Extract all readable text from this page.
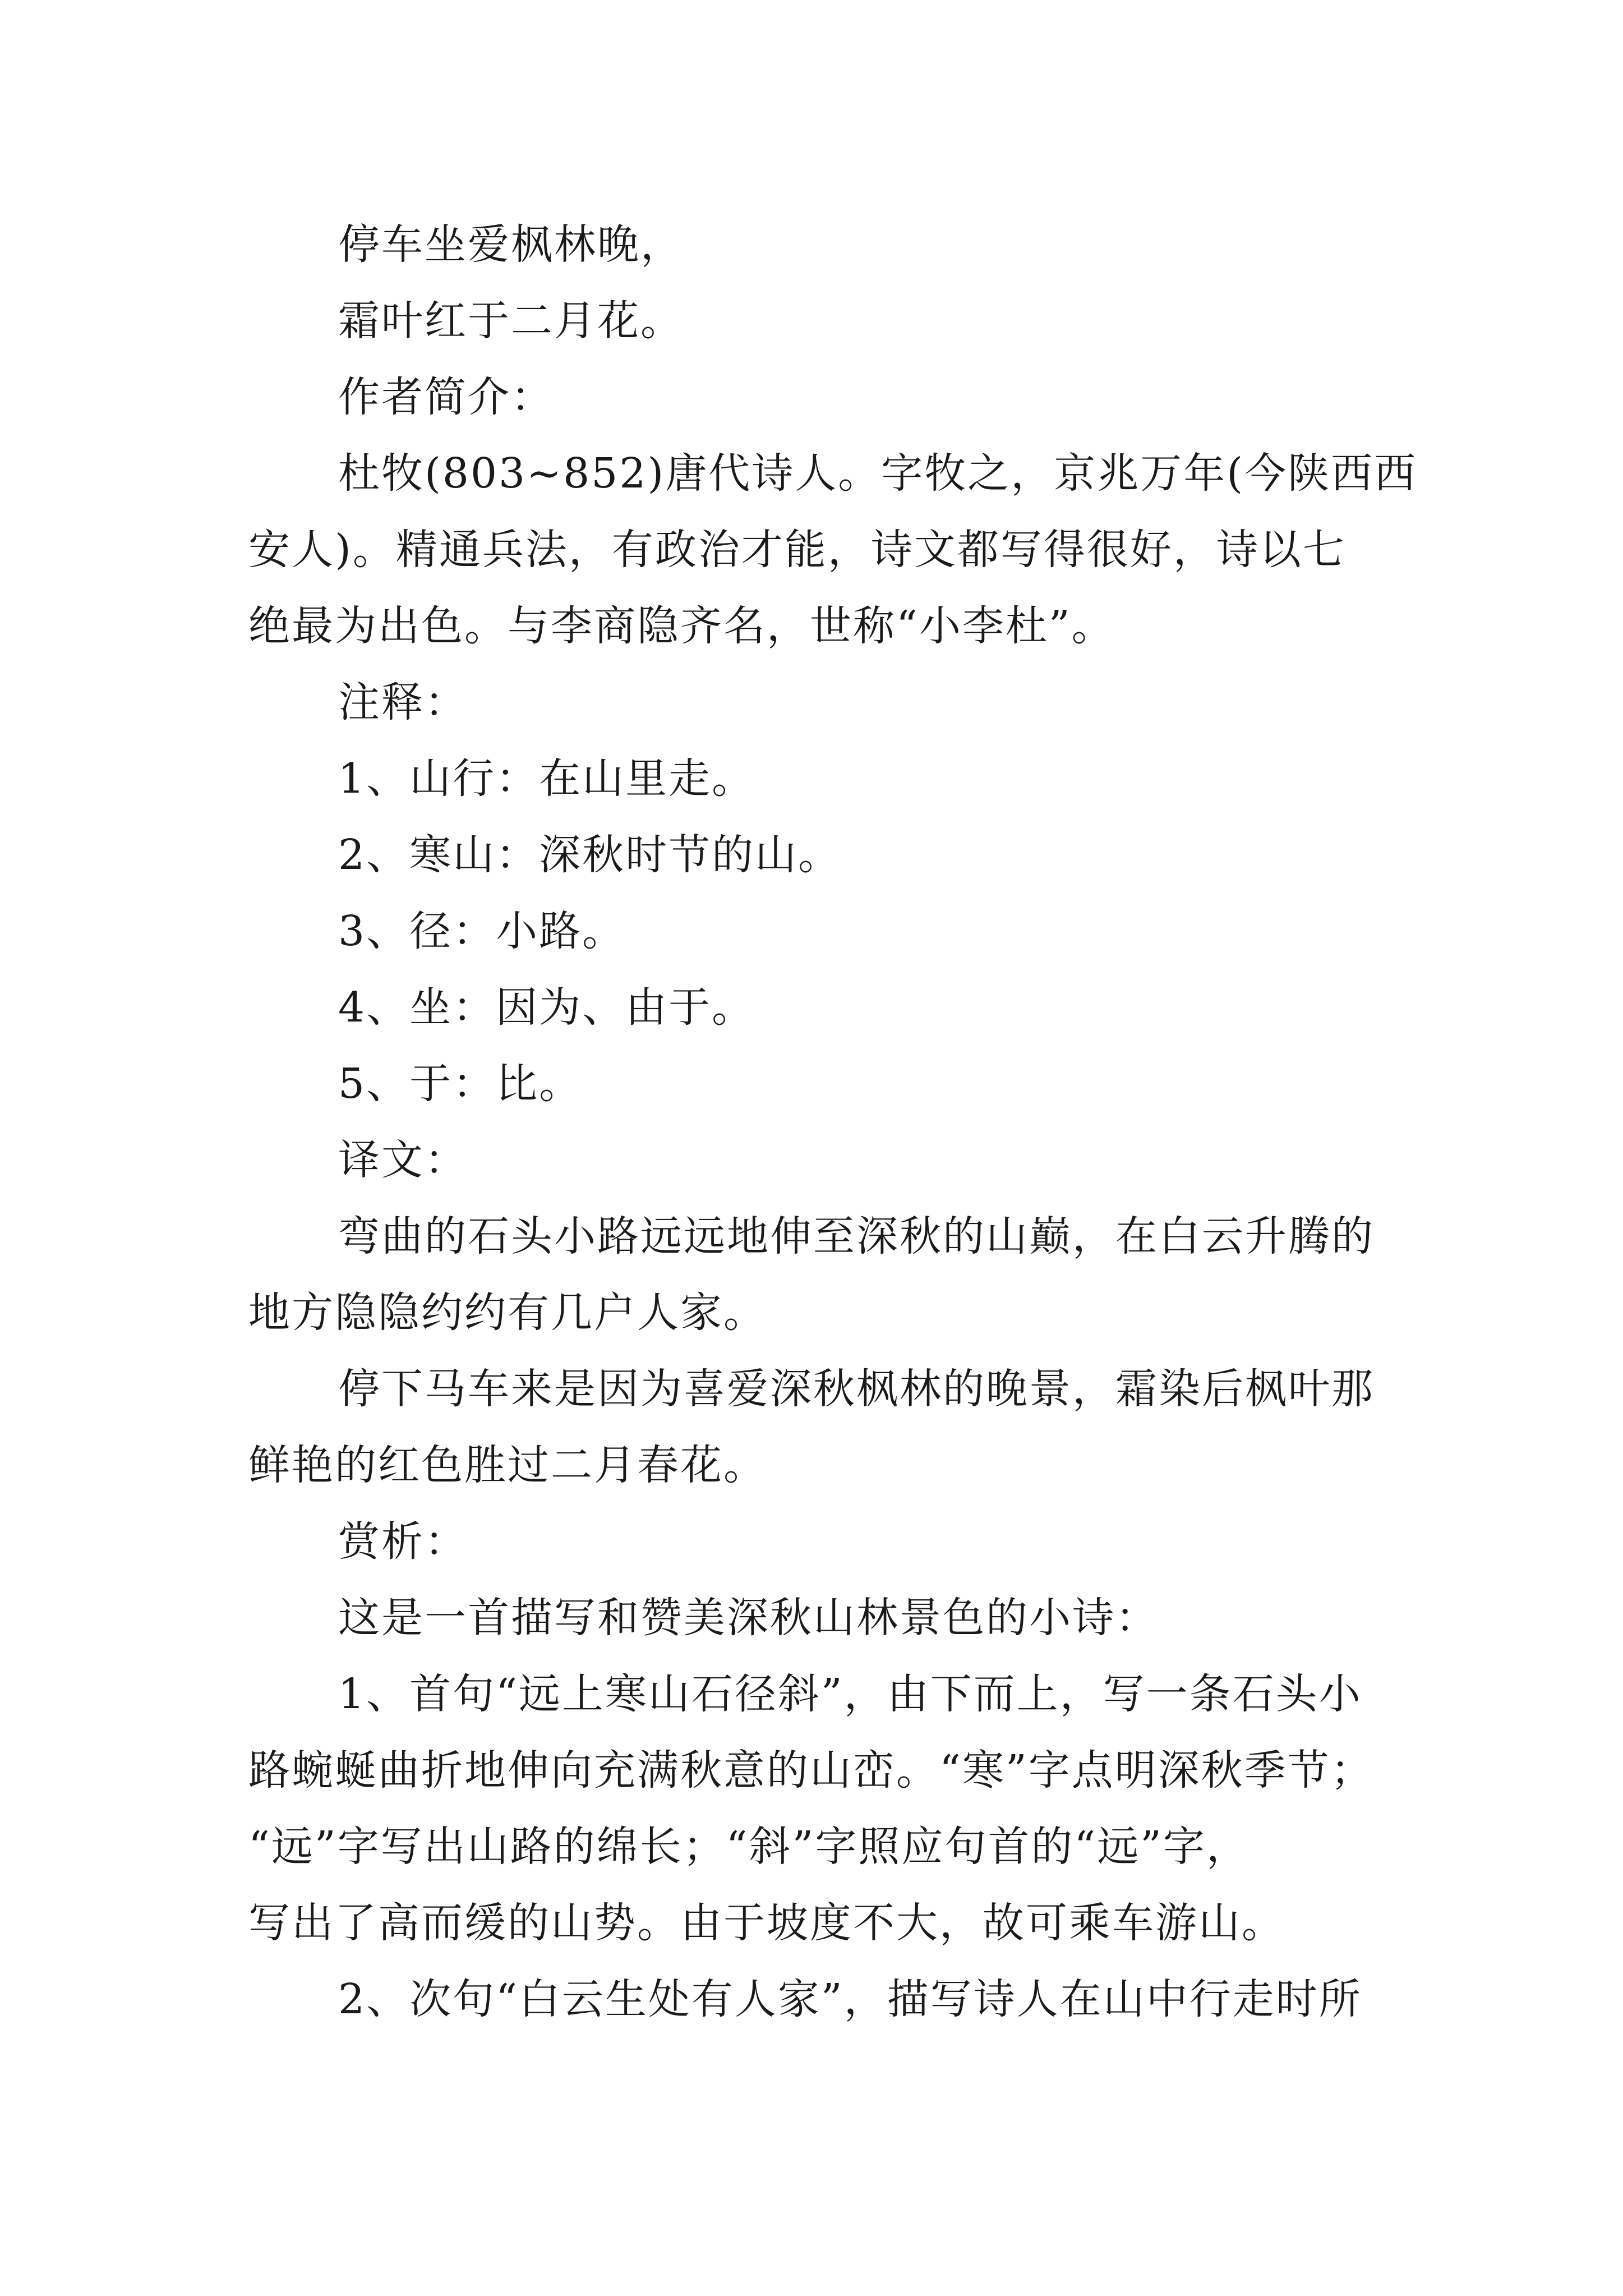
停车坐爱枫林晚，
霜叶红于二月花。
作者简介：
杜牧(803~852)唐代诗人。字牧之，京兆万年(今陕西西
安人)。精通兵法，有政治才能，诗文都写得很好，诗以七
绝最为出色。与李商隐齐名，世称“小李杜”。
注释：
1、山行：在山里走。
2、寒山：深秋时节的山。
3、径：小路。
4、坐：因为、由于。
5、于：比。
译文：
弯曲的石头小路远远地伸至深秋的山巅，在白云升腾的
地方隐隐约约有几户人家。
停下马车来是因为喜爱深秋枫林的晚景，霜染后枫叶那
鲜艳的红色胜过二月春花。
赏析：
这是一首描写和赞美深秋山林景色的小诗：
1、首句“远上寒山石径斜”，由下而上，写一条石头小
路蜿蜒曲折地伸向充满秋意的山峦。“寒”字点明深秋季节；
“远”字写出山路的绵长；“斜”字照应句首的“远”字，
写出了高而缓的山势。由于坡度不大，故可乘车游山。
2、次句“白云生处有人家”，描写诗人在山中行走时所
